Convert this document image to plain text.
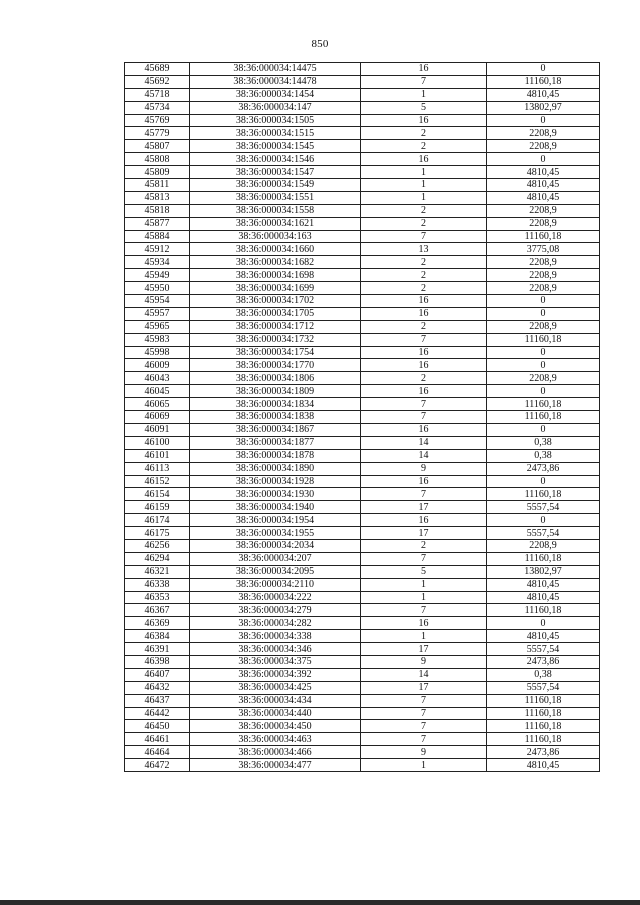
850
45689	38:36:000034:14475	16	0
45692	38:36:000034:14478	7	11160,18
45718	38:36:000034:1454	1	4810,45
45734	38:36:000034:147	5	13802,97
45769	38:36:000034:1505	16	0
45779	38:36:000034:1515	2	2208,9
45807	38:36:000034:1545	2	2208,9
45808	38:36:000034:1546	16	0
45809	38:36:000034:1547	1	4810,45
45811	38:36:000034:1549	1	4810,45
45813	38:36:000034:1551	1	4810,45
45818	38:36:000034:1558	2	2208,9
45877	38:36:000034:1621	2	2208,9
45884	38:36:000034:163	7	11160,18
45912	38:36:000034:1660	13	3775,08
45934	38:36:000034:1682	2	2208,9
45949	38:36:000034:1698	2	2208,9
45950	38:36:000034:1699	2	2208,9
45954	38:36:000034:1702	16	0
45957	38:36:000034:1705	16	0
45965	38:36:000034:1712	2	2208,9
45983	38:36:000034:1732	7	11160,18
45998	38:36:000034:1754	16	0
46009	38:36:000034:1770	16	0
46043	38:36:000034:1806	2	2208,9
46045	38:36:000034:1809	16	0
46065	38:36:000034:1834	7	11160,18
46069	38:36:000034:1838	7	11160,18
46091	38:36:000034:1867	16	0
46100	38:36:000034:1877	14	0,38
46101	38:36:000034:1878	14	0,38
46113	38:36:000034:1890	9	2473,86
46152	38:36:000034:1928	16	0
46154	38:36:000034:1930	7	11160,18
46159	38:36:000034:1940	17	5557,54
46174	38:36:000034:1954	16	0
46175	38:36:000034:1955	17	5557,54
46256	38:36:000034:2034	2	2208,9
46294	38:36:000034:207	7	11160,18
46321	38:36:000034:2095	5	13802,97
46338	38:36:000034:2110	1	4810,45
46353	38:36:000034:222	1	4810,45
46367	38:36:000034:279	7	11160,18
46369	38:36:000034:282	16	0
46384	38:36:000034:338	1	4810,45
46391	38:36:000034:346	17	5557,54
46398	38:36:000034:375	9	2473,86
46407	38:36:000034:392	14	0,38
46432	38:36:000034:425	17	5557,54
46437	38:36:000034:434	7	11160,18
46442	38:36:000034:440	7	11160,18
46450	38:36:000034:450	7	11160,18
46461	38:36:000034:463	7	11160,18
46464	38:36:000034:466	9	2473,86
46472	38:36:000034:477	1	4810,45
